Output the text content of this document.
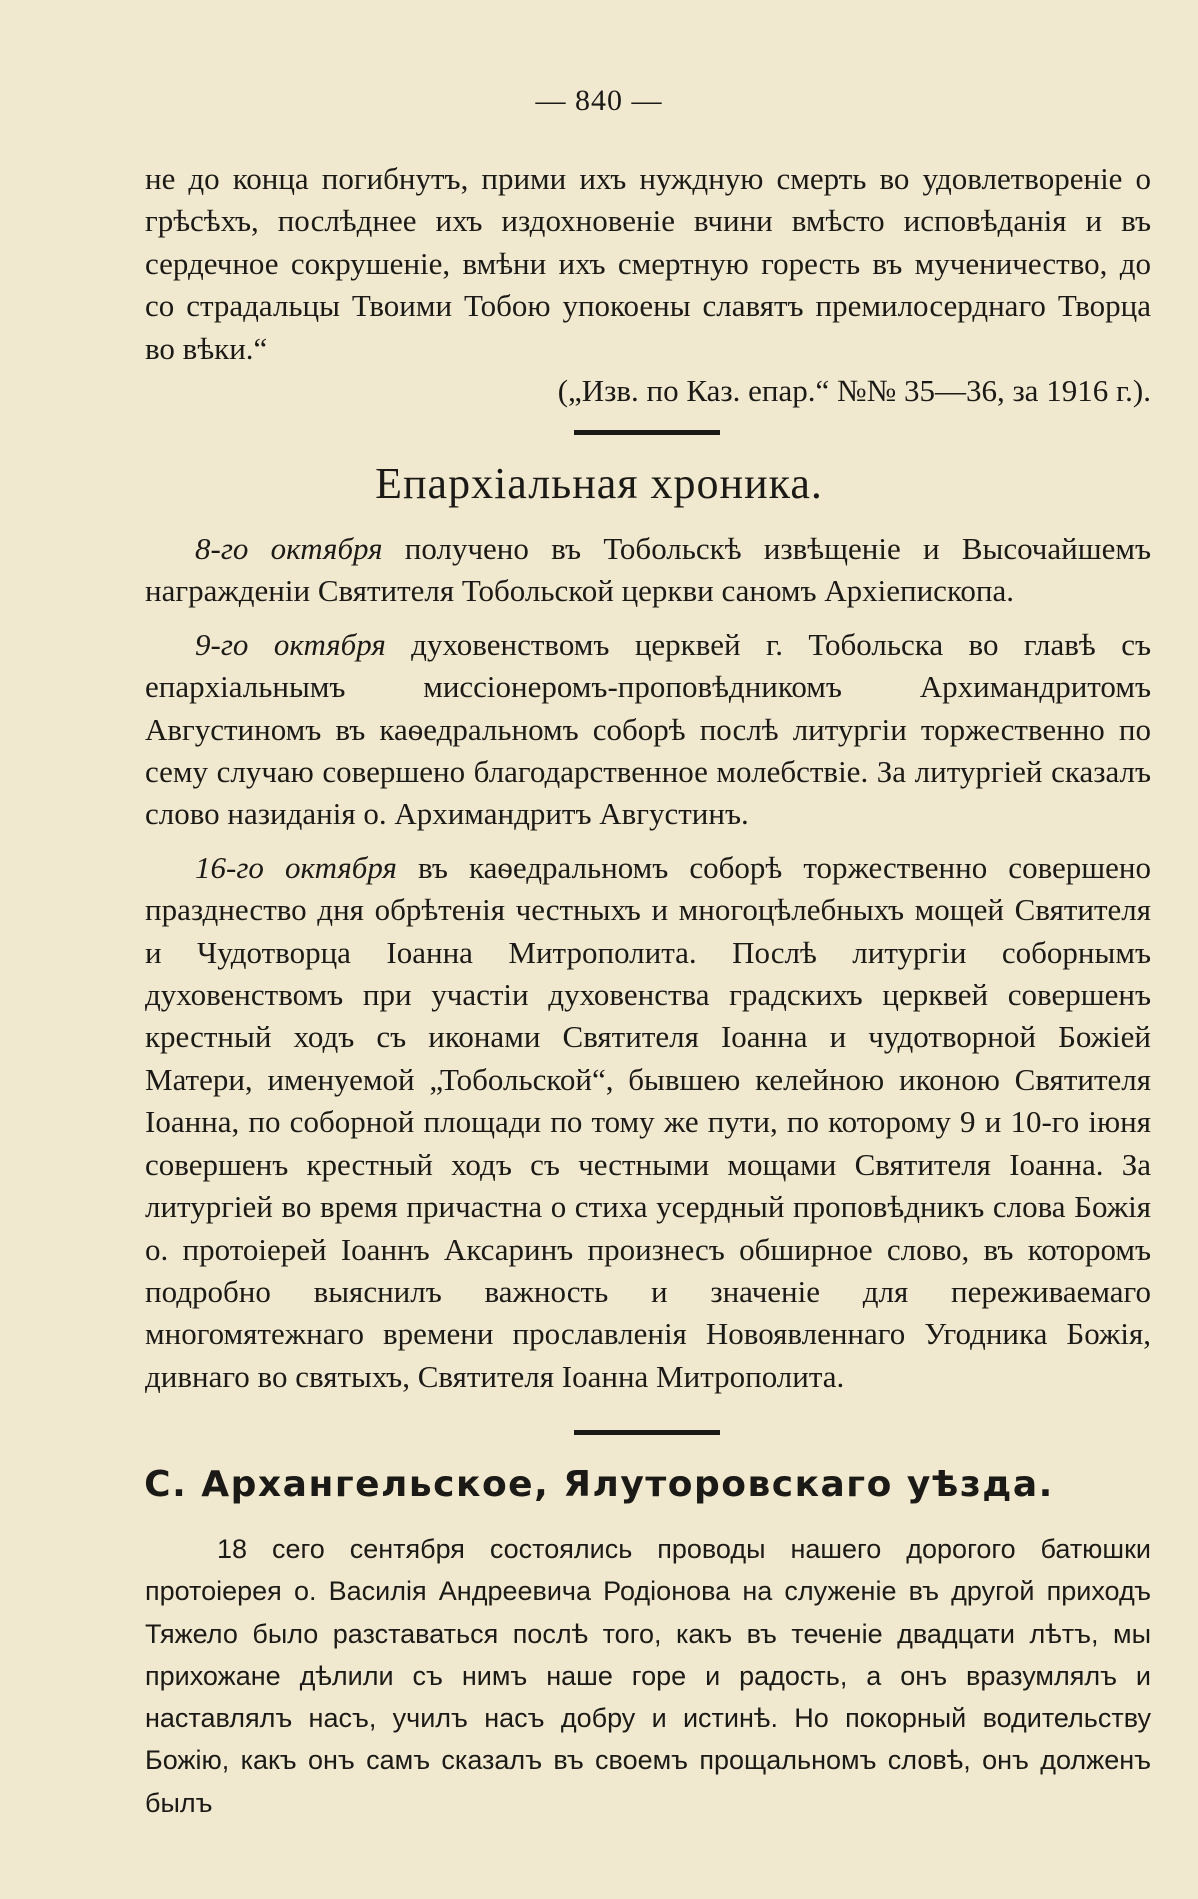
— 840 —

не до конца погибнутъ, прими ихъ нуждную смерть во удовлетвореніе о грѣсѣхъ, послѣднее ихъ издохновеніе вчини вмѣсто исповѣданія и въ сердечное сокрушеніе, вмѣни ихъ смертную горесть въ мученичество, до со страдальцы Твоими Тобою упокоены славятъ премилосерднаго Творца во вѣки.“

(„Изв. по Каз. епар.“ №№ 35—36, за 1916 г.).

Епархіальная хроника.

8-го октября получено въ Тобольскѣ извѣщеніе и Высочайшемъ награжденіи Святителя Тобольской церкви саномъ Архіепископа.

9-го октября духовенствомъ церквей г. Тобольска во главѣ съ епархіальнымъ миссіонеромъ-проповѣдникомъ Архимандритомъ Августиномъ въ каѳедральномъ соборѣ послѣ литургіи торжественно по сему случаю совершено благодарственное молебствіе. За литургіей сказалъ слово назиданія о. Архимандритъ Августинъ.

16-го октября въ каѳедральномъ соборѣ торжественно совершено празднество дня обрѣтенія честныхъ и многоцѣлебныхъ мощей Святителя и Чудотворца Іоанна Митрополита. Послѣ литургіи соборнымъ духовенствомъ при участіи духовенства градскихъ церквей совершенъ крестный ходъ съ иконами Святителя Іоанна и чудотворной Божіей Матери, именуемой „Тобольской“, бывшею келейною иконою Святителя Іоанна, по соборной площади по тому же пути, по которому 9 и 10-го іюня совершенъ крестный ходъ съ честными мощами Святителя Іоанна. За литургіей во время причастна о стиха усердный проповѣдникъ слова Божія о. протоіерей Іоаннъ Аксаринъ произнесъ обширное слово, въ которомъ подробно выяснилъ важность и значеніе для переживаемаго многомятежнаго времени прославленія Новоявленнаго Угодника Божія, дивнаго во святыхъ, Святителя Іоанна Митрополита.

С. Архангельское, Ялуторовскаго уѣзда.

18 сего сентября состоялись проводы нашего дорогого батюшки протоіерея о. Василія Андреевича Родіонова на служеніе въ другой приходъ Тяжело было разставаться послѣ того, какъ въ теченіе двадцати лѣтъ, мы прихожане дѣлили съ нимъ наше горе и радость, а онъ вразумлялъ и наставлялъ насъ, училъ насъ добру и истинѣ. Но покорный водительству Божію, какъ онъ самъ сказалъ въ своемъ прощальномъ словѣ, онъ долженъ былъ
